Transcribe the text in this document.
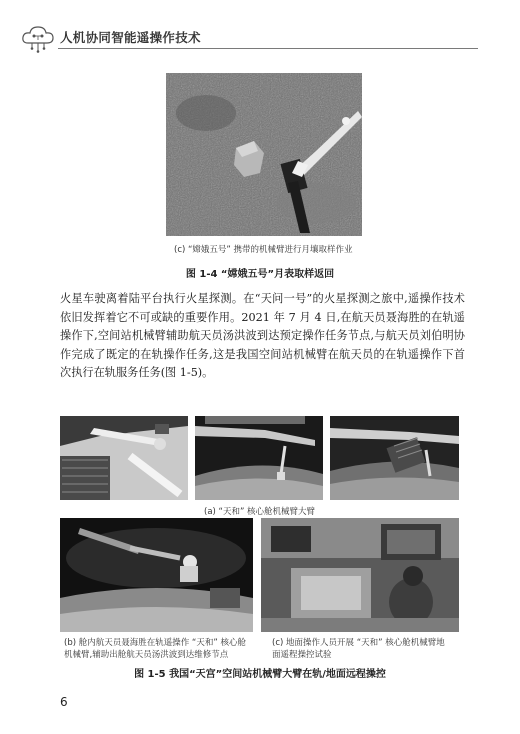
人机协同智能遥操作技术
(c) “嫦娥五号” 携带的机械臂进行月壤取样作业
图 1-4 “嫦娥五号”月表取样返回

火星车驶离着陆平台执行火星探测。在“天问一号”的火星探测之旅中,遥操作技术依旧发挥着它不可或缺的重要作用。2021 年 7 月 4 日,在航天员聂海胜的在轨遥操作下,空间站机械臂辅助航天员汤洪波到达预定操作任务节点,与航天员刘伯明协作完成了既定的在轨操作任务,这是我国空间站机械臂在航天员的在轨遥操作下首次执行在轨服务任务(图 1-5)。

(a) “天和” 核心舱机械臂大臂
(b) 舱内航天员聂海胜在轨遥操作 “天和” 核心舱机械臂,辅助出舱航天员汤洪波到达维修节点
(c) 地面操作人员开展 “天和” 核心舱机械臂地面遥程操控试验
图 1-5 我国“天宫”空间站机械臂大臂在轨/地面远程操控
6
